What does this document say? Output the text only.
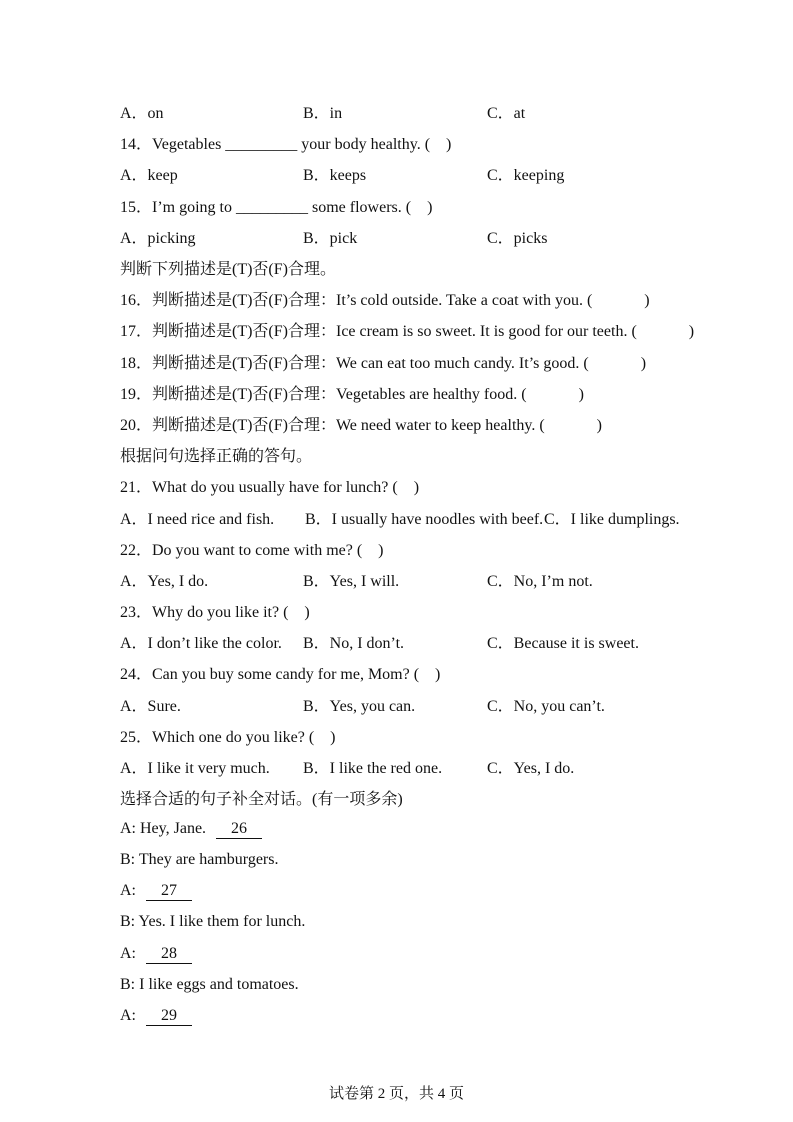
A．on	B．in	C．at
14．Vegetables _________ your body healthy. (    )
A．keep	B．keeps	C．keeping
15．I’m going to _________ some flowers. (    )
A．picking	B．pick	C．picks
判断下列描述是(T)否(F)合理。
16．判断描述是(T)否(F)合理：It’s cold outside. Take a coat with you. (             )
17．判断描述是(T)否(F)合理：Ice cream is so sweet. It is good for our teeth. (             )
18．判断描述是(T)否(F)合理：We can eat too much candy. It’s good. (             )
19．判断描述是(T)否(F)合理：Vegetables are healthy food. (             )
20．判断描述是(T)否(F)合理：We need water to keep healthy. (             )
根据问句选择正确的答句。
21．What do you usually have for lunch? (    )
A．I need rice and fish.	B．I usually have noodles with beef. C．I like dumplings.
22．Do you want to come with me? (    )
A．Yes, I do.	B．Yes, I will.	C．No, I’m not.
23．Why do you like it? (    )
A．I don’t like the color.	B．No, I don’t.	C．Because it is sweet.
24．Can you buy some candy for me, Mom? (    )
A．Sure.	B．Yes, you can.	C．No, you can’t.
25．Which one do you like? (    )
A．I like it very much.	B．I like the red one.	C．Yes, I do.
选择合适的句子补全对话。(有一项多余)
A: Hey, Jane.	26
B: They are hamburgers.
A:	27
B: Yes. I like them for lunch.
A:	28
B: I like eggs and tomatoes.
A:	29
试卷第 2 页，共 4 页
